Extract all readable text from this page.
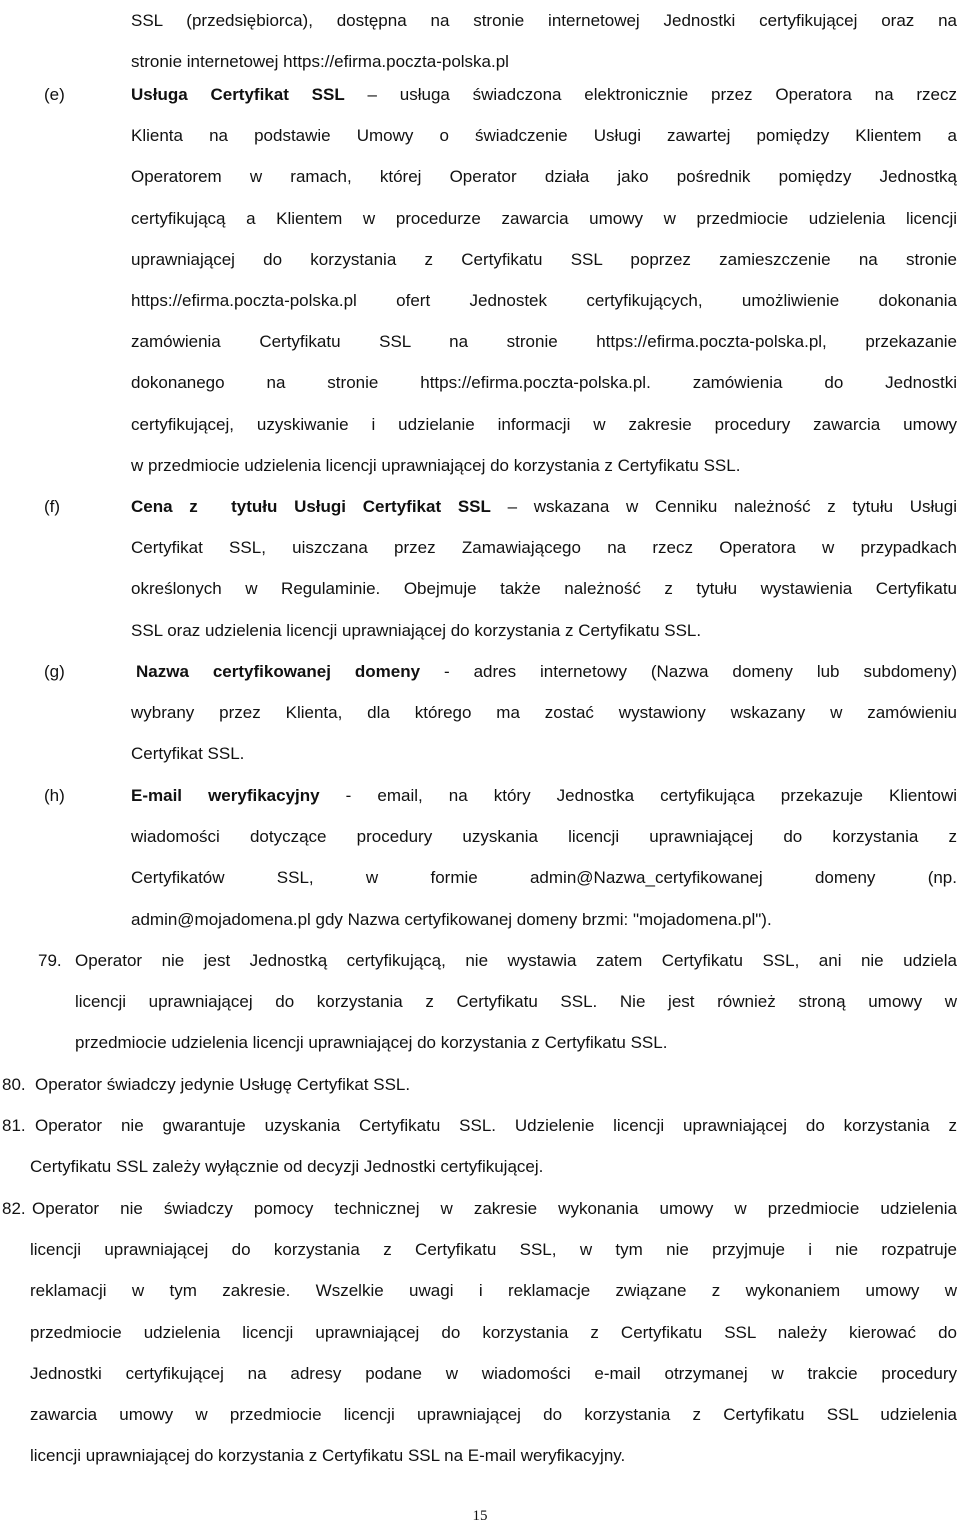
SSL (przedsiębiorca), dostępna na stronie internetowej Jednostki certyfikującej oraz na
stronie internetowej https://efirma.poczta-polska.pl
(e)	Usługa Certyfikat SSL – usługa świadczona elektronicznie przez Operatora na rzecz
Klienta na podstawie Umowy o świadczenie Usługi zawartej pomiędzy Klientem a
Operatorem w ramach, której Operator działa jako pośrednik pomiędzy Jednostką
certyfikującą a Klientem w procedurze zawarcia umowy w przedmiocie udzielenia licencji
uprawniającej do korzystania z Certyfikatu SSL poprzez zamieszczenie na stronie
https://efirma.poczta-polska.pl ofert Jednostek certyfikujących, umożliwienie dokonania
zamówienia Certyfikatu SSL na stronie https://efirma.poczta-polska.pl, przekazanie
dokonanego na stronie https://efirma.poczta-polska.pl. zamówienia do Jednostki
certyfikującej, uzyskiwanie i udzielanie informacji w zakresie procedury zawarcia umowy
w przedmiocie udzielenia licencji uprawniającej do korzystania z Certyfikatu SSL.
(f)	Cena z  tytułu Usługi Certyfikat SSL – wskazana w Cenniku należność z tytułu Usługi
Certyfikat SSL, uiszczana przez Zamawiającego na rzecz Operatora w przypadkach
określonych w Regulaminie. Obejmuje także należność z tytułu wystawienia Certyfikatu
SSL oraz udzielenia licencji uprawniającej do korzystania z Certyfikatu SSL.
(g)	Nazwa certyfikowanej domeny - adres internetowy (Nazwa domeny lub subdomeny)
wybrany przez Klienta, dla którego ma zostać wystawiony wskazany w zamówieniu
Certyfikat SSL.
(h)	E-mail weryfikacyjny - email, na który Jednostka certyfikująca przekazuje Klientowi
wiadomości dotyczące procedury uzyskania licencji uprawniającej do korzystania z
Certyfikatów SSL, w formie admin@Nazwa_certyfikowanej domeny (np.
admin@mojadomena.pl gdy Nazwa certyfikowanej domeny brzmi: "mojadomena.pl").
79. Operator nie jest Jednostką certyfikującą, nie wystawia zatem Certyfikatu SSL, ani nie udziela
licencji uprawniającej do korzystania z Certyfikatu SSL. Nie jest również stroną umowy w
przedmiocie udzielenia licencji uprawniającej do korzystania z Certyfikatu SSL.
80. Operator świadczy jedynie Usługę Certyfikat SSL.
81. Operator nie gwarantuje uzyskania Certyfikatu SSL. Udzielenie licencji uprawniającej do korzystania z
Certyfikatu SSL zależy wyłącznie od decyzji Jednostki certyfikującej.
82. Operator nie świadczy pomocy technicznej w zakresie wykonania umowy w przedmiocie udzielenia
licencji uprawniającej do korzystania z Certyfikatu SSL, w tym nie przyjmuje i nie rozpatruje
reklamacji w tym zakresie. Wszelkie uwagi i reklamacje związane z wykonaniem umowy w
przedmiocie udzielenia licencji uprawniającej do korzystania z Certyfikatu SSL należy kierować do
Jednostki certyfikującej na adresy podane w wiadomości e-mail otrzymanej w trakcie procedury
zawarcia umowy w przedmiocie licencji uprawniającej do korzystania z Certyfikatu SSL udzielenia
licencji uprawniającej do korzystania z Certyfikatu SSL na E-mail weryfikacyjny.
15
